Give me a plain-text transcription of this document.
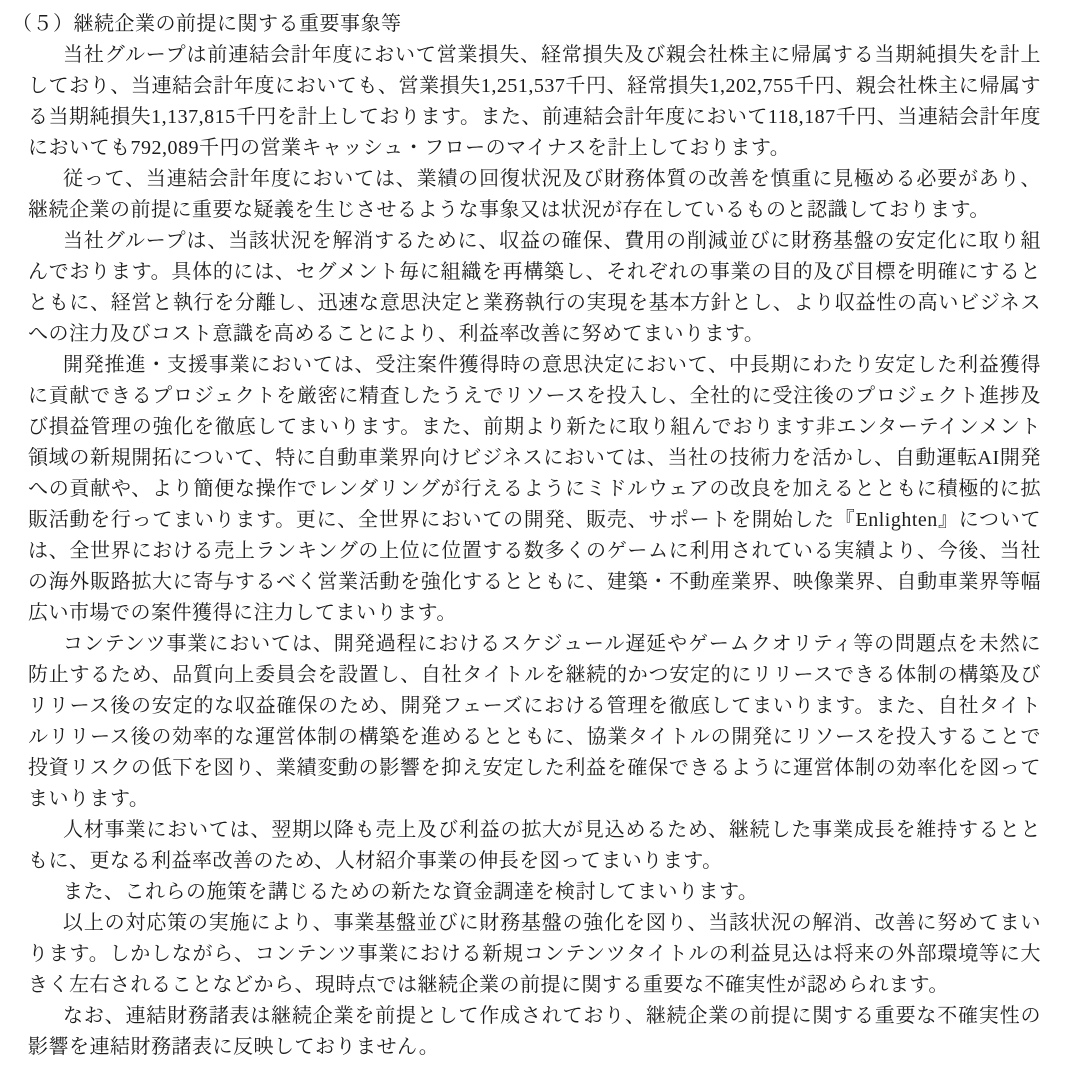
（５）継続企業の前提に関する重要事象等

当社グループは前連結会計年度において営業損失、経常損失及び親会社株主に帰属する当期純損失を計上しており、当連結会計年度においても、営業損失1,251,537千円、経常損失1,202,755千円、親会社株主に帰属する当期純損失1,137,815千円を計上しております。また、前連結会計年度において118,187千円、当連結会計年度においても792,089千円の営業キャッシュ・フローのマイナスを計上しております。

従って、当連結会計年度においては、業績の回復状況及び財務体質の改善を慎重に見極める必要があり、継続企業の前提に重要な疑義を生じさせるような事象又は状況が存在しているものと認識しております。

当社グループは、当該状況を解消するために、収益の確保、費用の削減並びに財務基盤の安定化に取り組んでおります。具体的には、セグメント毎に組織を再構築し、それぞれの事業の目的及び目標を明確にするとともに、経営と執行を分離し、迅速な意思決定と業務執行の実現を基本方針とし、より収益性の高いビジネスへの注力及びコスト意識を高めることにより、利益率改善に努めてまいります。

開発推進・支援事業においては、受注案件獲得時の意思決定において、中長期にわたり安定した利益獲得に貢献できるプロジェクトを厳密に精査したうえでリソースを投入し、全社的に受注後のプロジェクト進捗及び損益管理の強化を徹底してまいります。また、前期より新たに取り組んでおります非エンターテインメント領域の新規開拓について、特に自動車業界向けビジネスにおいては、当社の技術力を活かし、自動運転AI開発への貢献や、より簡便な操作でレンダリングが行えるようにミドルウェアの改良を加えるとともに積極的に拡販活動を行ってまいります。更に、全世界においての開発、販売、サポートを開始した『Enlighten』については、全世界における売上ランキングの上位に位置する数多くのゲームに利用されている実績より、今後、当社の海外販路拡大に寄与するべく営業活動を強化するとともに、建築・不動産業界、映像業界、自動車業界等幅広い市場での案件獲得に注力してまいります。

コンテンツ事業においては、開発過程におけるスケジュール遅延やゲームクオリティ等の問題点を未然に防止するため、品質向上委員会を設置し、自社タイトルを継続的かつ安定的にリリースできる体制の構築及びリリース後の安定的な収益確保のため、開発フェーズにおける管理を徹底してまいります。また、自社タイトルリリース後の効率的な運営体制の構築を進めるとともに、協業タイトルの開発にリソースを投入することで投資リスクの低下を図り、業績変動の影響を抑え安定した利益を確保できるように運営体制の効率化を図ってまいります。

人材事業においては、翌期以降も売上及び利益の拡大が見込めるため、継続した事業成長を維持するとともに、更なる利益率改善のため、人材紹介事業の伸長を図ってまいります。

また、これらの施策を講じるための新たな資金調達を検討してまいります。

以上の対応策の実施により、事業基盤並びに財務基盤の強化を図り、当該状況の解消、改善に努めてまいります。しかしながら、コンテンツ事業における新規コンテンツタイトルの利益見込は将来の外部環境等に大きく左右されることなどから、現時点では継続企業の前提に関する重要な不確実性が認められます。

なお、連結財務諸表は継続企業を前提として作成されており、継続企業の前提に関する重要な不確実性の影響を連結財務諸表に反映しておりません。
